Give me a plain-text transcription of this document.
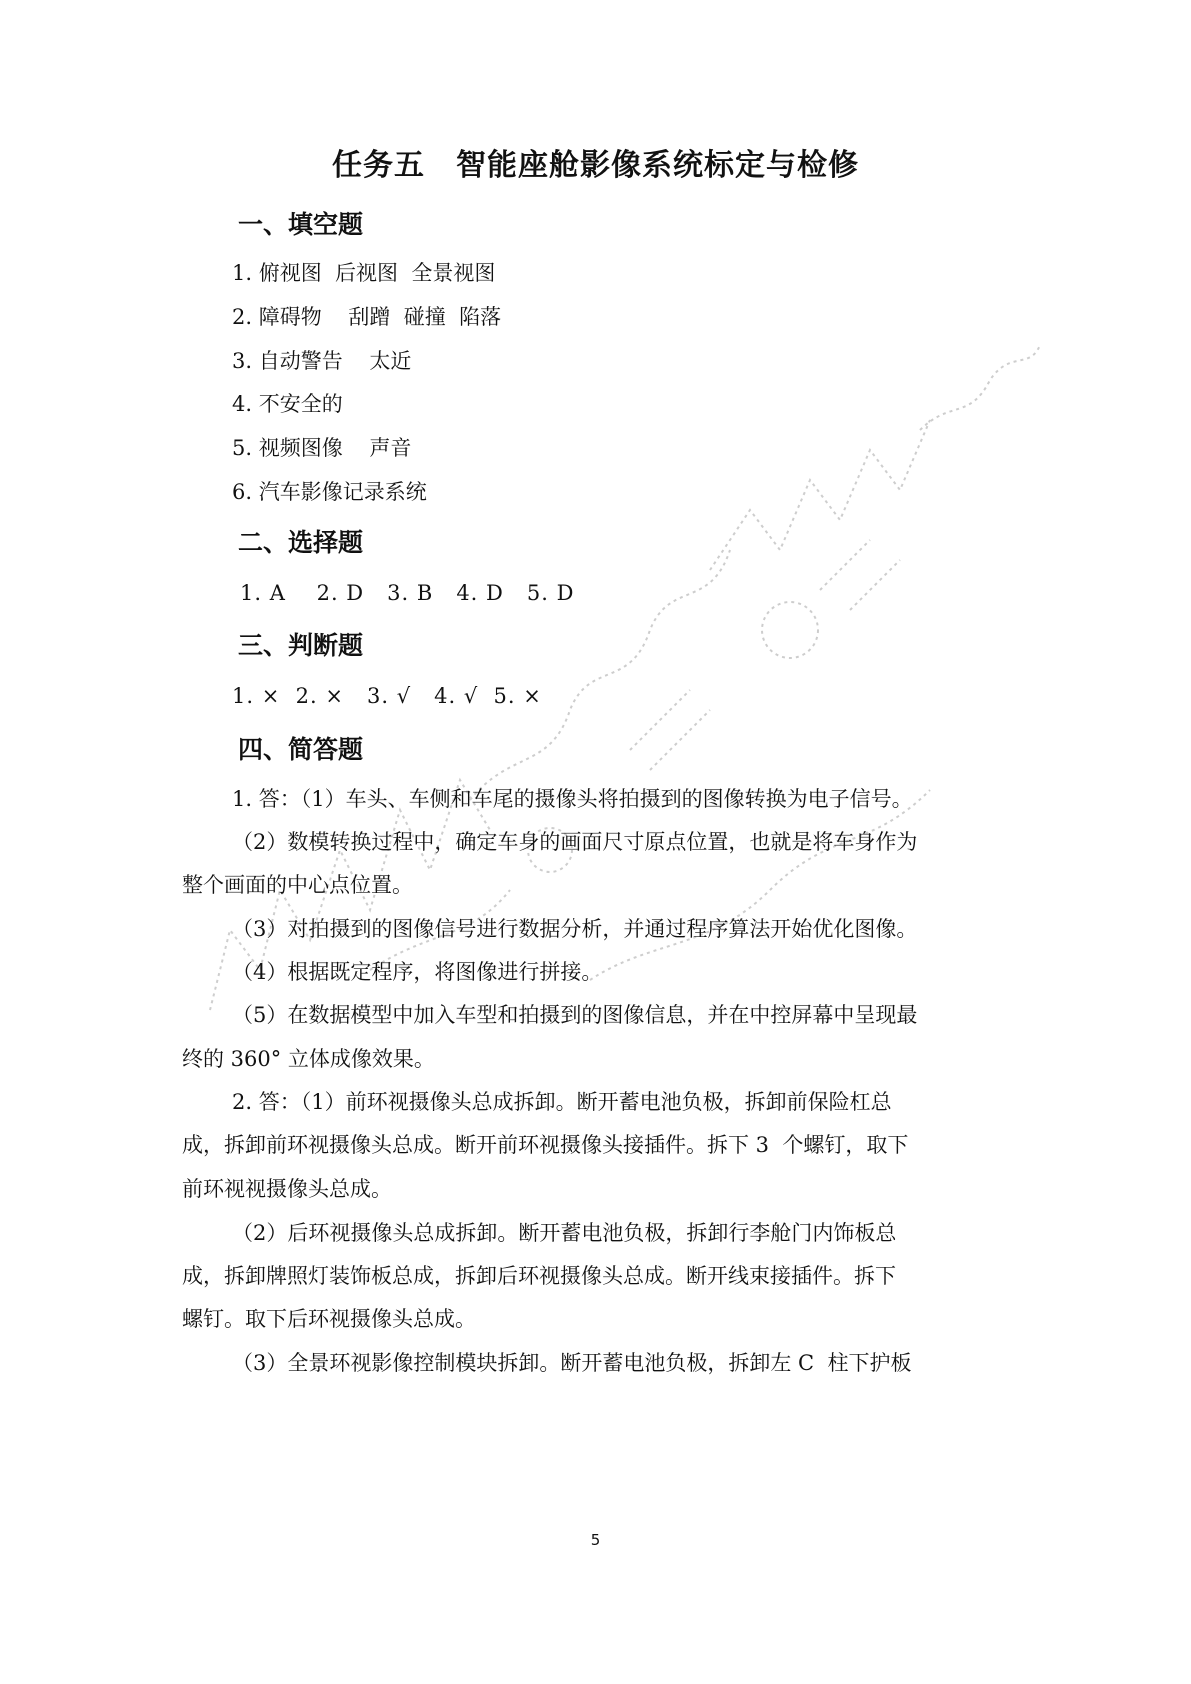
任务五　智能座舱影像系统标定与检修
一、填空题
1. 俯视图  后视图  全景视图
2. 障碍物    刮蹭  碰撞  陷落
3. 自动警告    太近
4. 不安全的
5. 视频图像    声音
6. 汽车影像记录系统
二、选择题
1. A    2. D   3. B   4. D   5. D
三、判断题
1. ×  2. ×   3. √   4. √  5. ×
四、简答题
1. 答：（1）车头、车侧和车尾的摄像头将拍摄到的图像转换为电子信号。
（2）数模转换过程中，确定车身的画面尺寸原点位置，也就是将车身作为
整个画面的中心点位置。
（3）对拍摄到的图像信号进行数据分析，并通过程序算法开始优化图像。
（4）根据既定程序，将图像进行拼接。
（5）在数据模型中加入车型和拍摄到的图像信息，并在中控屏幕中呈现最
终的 360° 立体成像效果。
2. 答：（1）前环视摄像头总成拆卸。断开蓄电池负极，拆卸前保险杠总
成，拆卸前环视摄像头总成。断开前环视摄像头接插件。拆下 3  个螺钉，取下
前环视视摄像头总成。
（2）后环视摄像头总成拆卸。断开蓄电池负极，拆卸行李舱门内饰板总
成，拆卸牌照灯装饰板总成，拆卸后环视摄像头总成。断开线束接插件。拆下
螺钉。取下后环视摄像头总成。
（3）全景环视影像控制模块拆卸。断开蓄电池负极，拆卸左 C  柱下护板
5
